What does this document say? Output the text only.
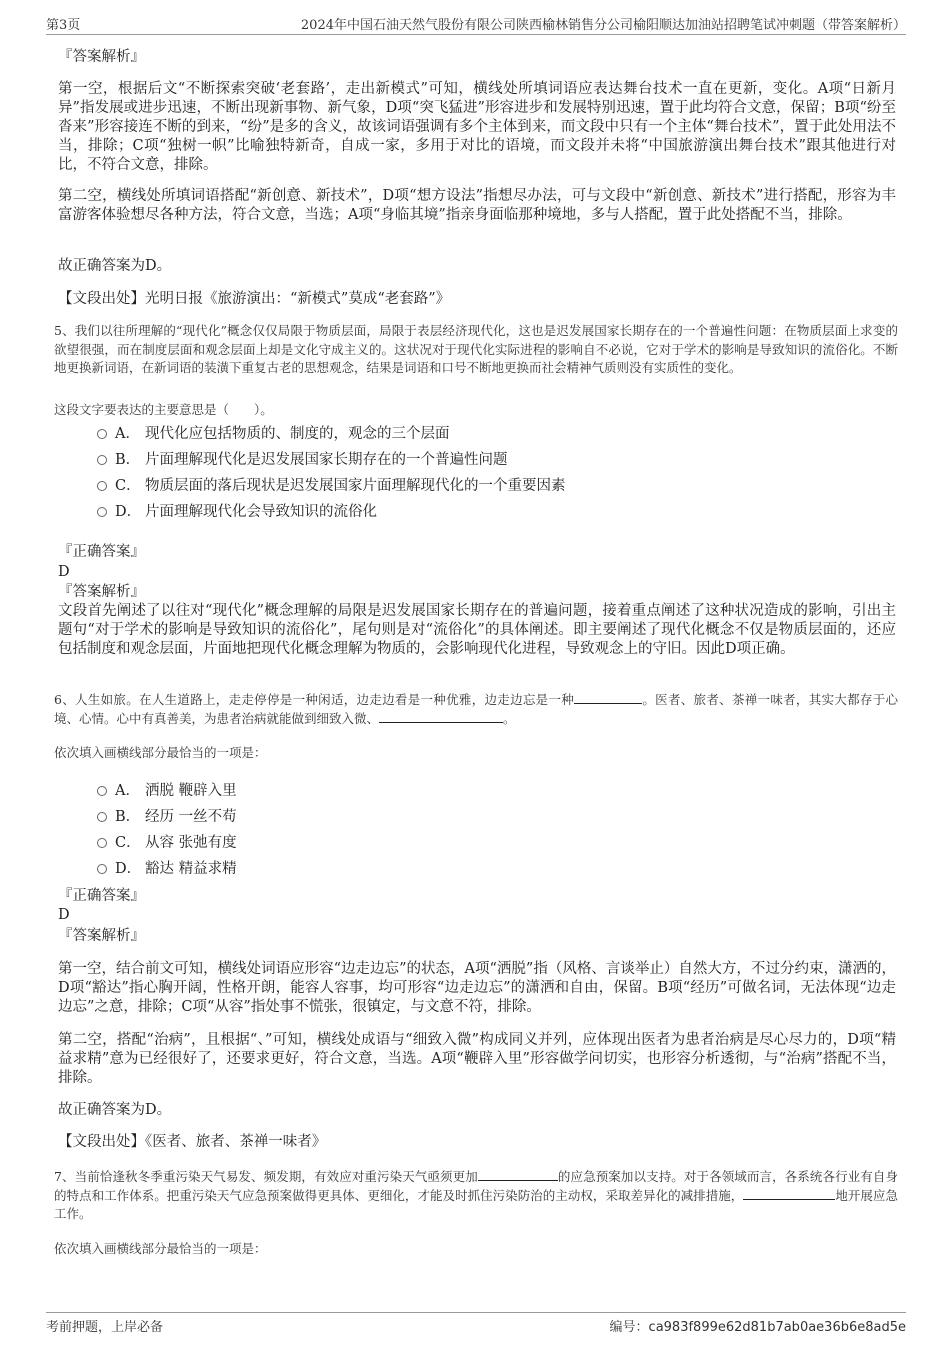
第3页	2024年中国石油天然气股份有限公司陕西榆林销售分公司榆阳顺达加油站招聘笔试冲刺题（带答案解析）
『答案解析』
第一空，根据后文“不断探索突破‘老套路’，走出新模式”可知，横线处所填词语应表达舞台技术一直在更新，变化。A项“日新月异”指发展或进步迅速，不断出现新事物、新气象，D项“突飞猛进”形容进步和发展特别迅速，置于此均符合文意，保留；B项“纷至沓来”形容接连不断的到来，“纷”是多的含义，故该词语强调有多个主体到来，而文段中只有一个主体“舞台技术”，置于此处用法不当，排除；C项“独树一帜”比喻独特新奇，自成一家，多用于对比的语境，而文段并未将“中国旅游演出舞台技术”跟其他进行对比，不符合文意，排除。
第二空，横线处所填词语搭配“新创意、新技术”，D项“想方设法”指想尽办法，可与文段中“新创意、新技术”进行搭配，形容为丰富游客体验想尽各种方法，符合文意，当选；A项“身临其境”指亲身面临那种境地，多与人搭配，置于此处搭配不当，排除。
故正确答案为D。
【文段出处】光明日报《旅游演出：“新模式”莫成“老套路”》
5、我们以往所理解的“现代化”概念仅仅局限于物质层面，局限于表层经济现代化，这也是迟发展国家长期存在的一个普遍性问题：在物质层面上求变的欲望很强，而在制度层面和观念层面上却是文化守成主义的。这状况对于现代化实际进程的影响自不必说，它对于学术的影响是导致知识的流俗化。不断地更换新词语，在新词语的装潢下重复古老的思想观念，结果是词语和口号不断地更换而社会精神气质则没有实质性的变化。
这段文字要表达的主要意思是（　　）。
A． 现代化应包括物质的、制度的，观念的三个层面
B． 片面理解现代化是迟发展国家长期存在的一个普遍性问题
C． 物质层面的落后现状是迟发展国家片面理解现代化的一个重要因素
D． 片面理解现代化会导致知识的流俗化
『正确答案』
D
『答案解析』
文段首先阐述了以往对“现代化”概念理解的局限是迟发展国家长期存在的普遍问题，接着重点阐述了这种状况造成的影响，引出主题句“对于学术的影响是导致知识的流俗化”，尾句则是对“流俗化”的具体阐述。即主要阐述了现代化概念不仅是物质层面的，还应包括制度和观念层面，片面地把现代化概念理解为物质的，会影响现代化进程，导致观念上的守旧。因此D项正确。
6、人生如旅。在人生道路上，走走停停是一种闲适，边走边看是一种优雅，边走边忘是一种	。医者、旅者、茶禅一味者，其实大都存于心境、心情。心中有真善美，为患者治病就能做到细致入微、	。
依次填入画横线部分最恰当的一项是：
A． 洒脱 鞭辟入里
B． 经历 一丝不苟
C． 从容 张弛有度
D． 豁达 精益求精
『正确答案』
D
『答案解析』
第一空，结合前文可知，横线处词语应形容“边走边忘”的状态，A项“洒脱”指（风格、言谈举止）自然大方，不过分约束，潇洒的，D项“豁达”指心胸开阔，性格开朗，能容人容事，均可形容“边走边忘”的潇洒和自由，保留。B项“经历”可做名词，无法体现“边走边忘”之意，排除；C项“从容”指处事不慌张，很镇定，与文意不符，排除。
第二空，搭配“治病”，且根据“、”可知，横线处成语与“细致入微”构成同义并列，应体现出医者为患者治病是尽心尽力的，D项“精益求精”意为已经很好了，还要求更好，符合文意，当选。A项“鞭辟入里”形容做学问切实，也形容分析透彻，与“治病”搭配不当，排除。
故正确答案为D。
【文段出处】《医者、旅者、茶禅一味者》
7、当前恰逢秋冬季重污染天气易发、频发期，有效应对重污染天气亟须更加	的应急预案加以支持。对于各领域而言，各系统各行业有自身的特点和工作体系。把重污染天气应急预案做得更具体、更细化，才能及时抓住污染防治的主动权，采取差异化的减排措施，	地开展应急工作。
依次填入画横线部分最恰当的一项是：
考前押题，上岸必备	编号：ca983f899e62d81b7ab0ae36b6e8ad5e
